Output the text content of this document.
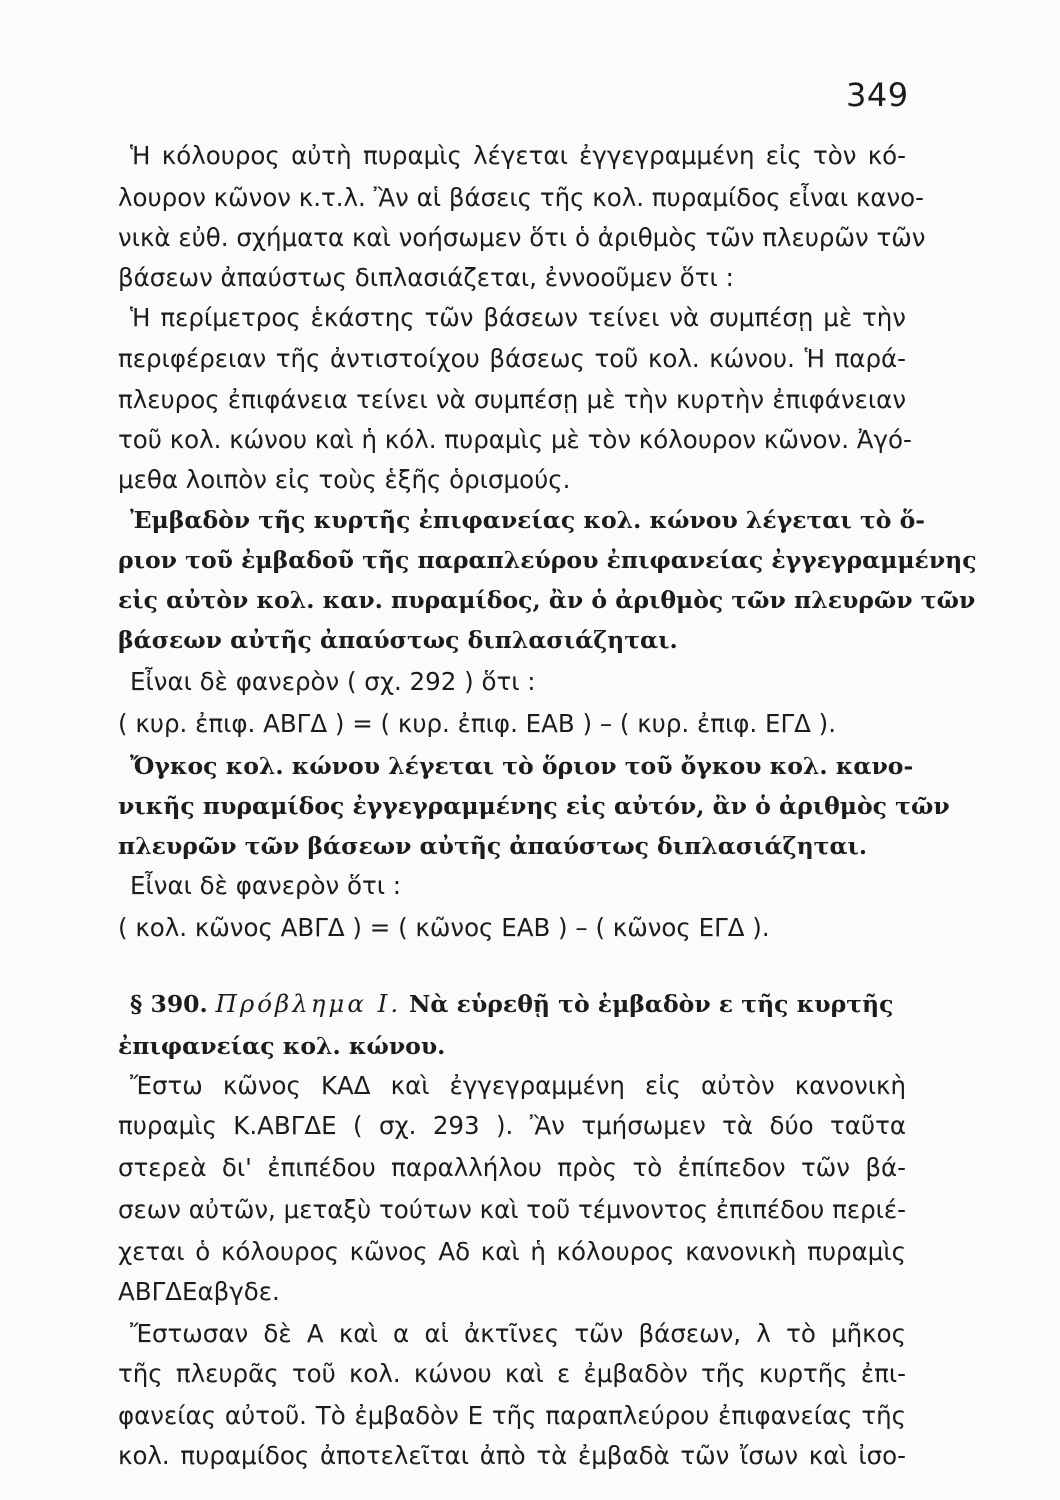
349
Ἡ κόλουρος αὐτὴ πυραμὶς λέγεται ἐγγεγραμμένη εἰς τὸν κό-
λουρον κῶνον κ.τ.λ. Ἂν αἱ βάσεις τῆς κολ. πυραμίδος εἶναι κανο-
νικὰ εὐθ. σχήματα καὶ νοήσωμεν ὅτι ὁ ἀριθμὸς τῶν πλευρῶν τῶν
βάσεων ἀπαύστως διπλασιάζεται, ἐννοοῦμεν ὅτι :
Ἡ περίμετρος ἑκάστης τῶν βάσεων τείνει νὰ συμπέσῃ μὲ τὴν
περιφέρειαν τῆς ἀντιστοίχου βάσεως τοῦ κολ. κώνου. Ἡ παρά-
πλευρος ἐπιφάνεια τείνει νὰ συμπέσῃ μὲ τὴν κυρτὴν ἐπιφάνειαν
τοῦ κολ. κώνου καὶ ἡ κόλ. πυραμὶς μὲ τὸν κόλουρον κῶνον. Ἀγό-
μεθα λοιπὸν εἰς τοὺς ἑξῆς ὁρισμούς.
Ἐμβαδὸν τῆς κυρτῆς ἐπιφανείας κολ. κώνου λέγεται τὸ ὅ-
ριον τοῦ ἐμβαδοῦ τῆς παραπλεύρου ἐπιφανείας ἐγγεγραμμένης
εἰς αὐτὸν κολ. καν. πυραμίδος, ἂν ὁ ἀριθμὸς τῶν πλευρῶν τῶν
βάσεων αὐτῆς ἀπαύστως διπλασιάζηται.
Εἶναι δὲ φανερὸν ( σχ. 292 ) ὅτι :
( κυρ. ἐπιφ. ΑΒΓΔ ) = ( κυρ. ἐπιφ. ΕΑΒ ) – ( κυρ. ἐπιφ. ΕΓΔ ).
Ὄγκος κολ. κώνου λέγεται τὸ ὅριον τοῦ ὄγκου κολ. κανο-
νικῆς πυραμίδος ἐγγεγραμμένης εἰς αὐτόν, ἂν ὁ ἀριθμὸς τῶν
πλευρῶν τῶν βάσεων αὐτῆς ἀπαύστως διπλασιάζηται.
Εἶναι δὲ φανερὸν ὅτι :
( κολ. κῶνος ΑΒΓΔ ) = ( κῶνος ΕΑΒ ) – ( κῶνος ΕΓΔ ).
§ 390. Πρόβλημα Ι. Νὰ εὑρεθῇ τὸ ἐμβαδὸν ε τῆς κυρτῆς
ἐπιφανείας κολ. κώνου.
Ἔστω κῶνος ΚΑΔ καὶ ἐγγεγραμμένη εἰς αὐτὸν κανονικὴ
πυραμὶς Κ.ΑΒΓΔΕ ( σχ. 293 ). Ἂν τμήσωμεν τὰ δύο ταῦτα
στερεὰ δι' ἐπιπέδου παραλλήλου πρὸς τὸ ἐπίπεδον τῶν βά-
σεων αὐτῶν, μεταξὺ τούτων καὶ τοῦ τέμνοντος ἐπιπέδου περιέ-
χεται ὁ κόλουρος κῶνος Αδ καὶ ἡ κόλουρος κανονικὴ πυραμὶς
ΑΒΓΔΕαβγδε.
Ἔστωσαν δὲ Α καὶ α αἱ ἀκτῖνες τῶν βάσεων, λ τὸ μῆκος
τῆς πλευρᾶς τοῦ κολ. κώνου καὶ ε ἐμβαδὸν τῆς κυρτῆς ἐπι-
φανείας αὐτοῦ. Τὸ ἐμβαδὸν Ε τῆς παραπλεύρου ἐπιφανείας τῆς
κολ. πυραμίδος ἀποτελεῖται ἀπὸ τὰ ἐμβαδὰ τῶν ἴσων καὶ ἰσο-
